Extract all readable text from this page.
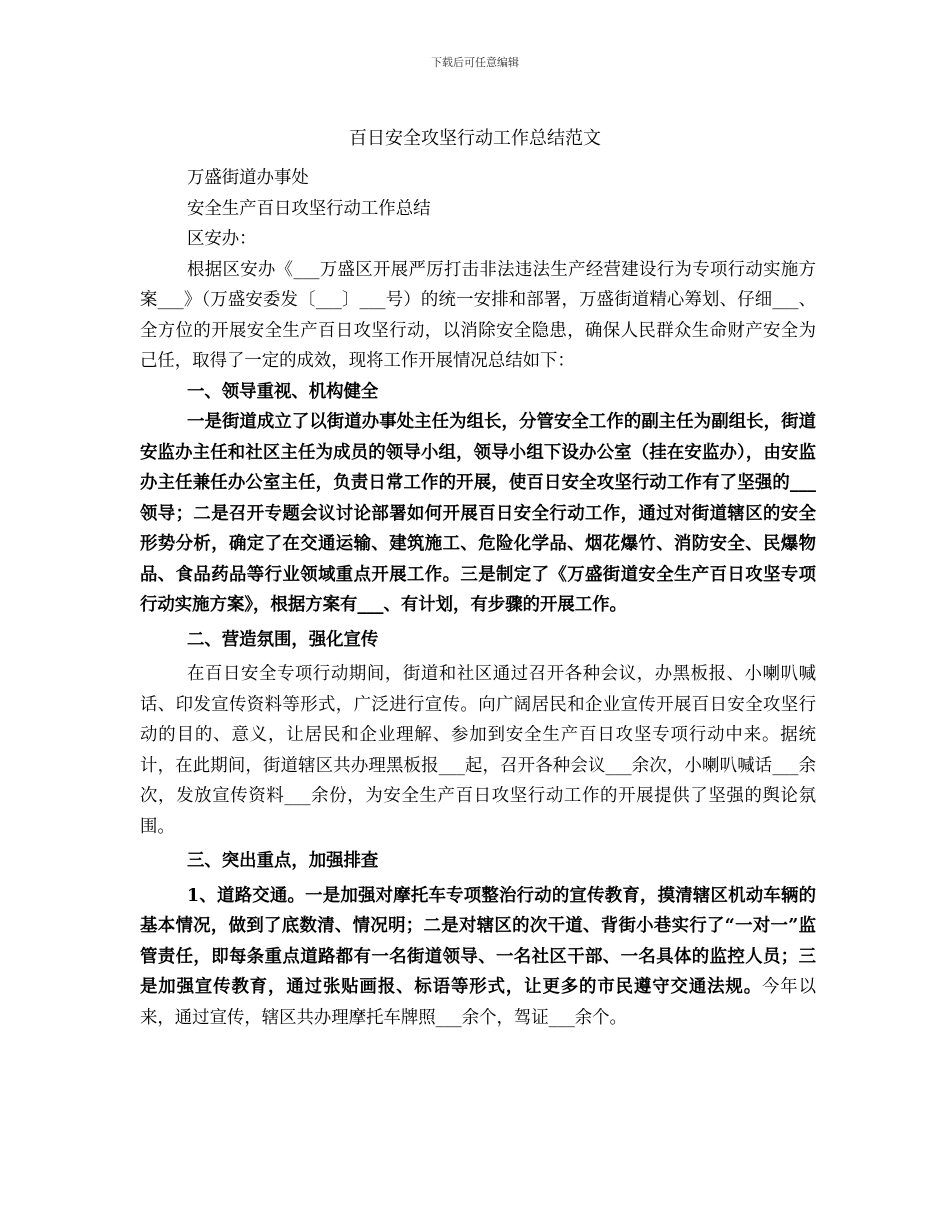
下载后可任意编辑
百日安全攻坚行动工作总结范文

万盛街道办事处

安全生产百日攻坚行动工作总结

区安办：

根据区安办《___万盛区开展严厉打击非法违法生产经营建设行为专项行动实施方案___》（万盛安委发〔___〕___号）的统一安排和部署，万盛街道精心筹划、仔细___、全方位的开展安全生产百日攻坚行动，以消除安全隐患，确保人民群众生命财产安全为己任，取得了一定的成效，现将工作开展情况总结如下：

一、领导重视、机构健全

一是街道成立了以街道办事处主任为组长，分管安全工作的副主任为副组长，街道安监办主任和社区主任为成员的领导小组，领导小组下设办公室（挂在安监办），由安监办主任兼任办公室主任，负责日常工作的开展，使百日安全攻坚行动工作有了坚强的___领导；二是召开专题会议讨论部署如何开展百日安全行动工作，通过对街道辖区的安全形势分析，确定了在交通运输、建筑施工、危险化学品、烟花爆竹、消防安全、民爆物品、食品药品等行业领域重点开展工作。三是制定了《万盛街道安全生产百日攻坚专项行动实施方案》，根据方案有___、有计划，有步骤的开展工作。

二、营造氛围，强化宣传

在百日安全专项行动期间，街道和社区通过召开各种会议，办黑板报、小喇叭喊话、印发宣传资料等形式，广泛进行宣传。向广阔居民和企业宣传开展百日安全攻坚行动的目的、意义，让居民和企业理解、参加到安全生产百日攻坚专项行动中来。据统计，在此期间，街道辖区共办理黑板报___起，召开各种会议___余次，小喇叭喊话___余次，发放宣传资料___余份，为安全生产百日攻坚行动工作的开展提供了坚强的舆论氛围。

三、突出重点，加强排查

1、道路交通。一是加强对摩托车专项整治行动的宣传教育，摸清辖区机动车辆的基本情况，做到了底数清、情况明；二是对辖区的次干道、背街小巷实行了“一对一”监管责任，即每条重点道路都有一名街道领导、一名社区干部、一名具体的监控人员；三是加强宣传教育，通过张贴画报、标语等形式，让更多的市民遵守交通法规。今年以来，通过宣传，辖区共办理摩托车牌照___余个，驾证___余个。
